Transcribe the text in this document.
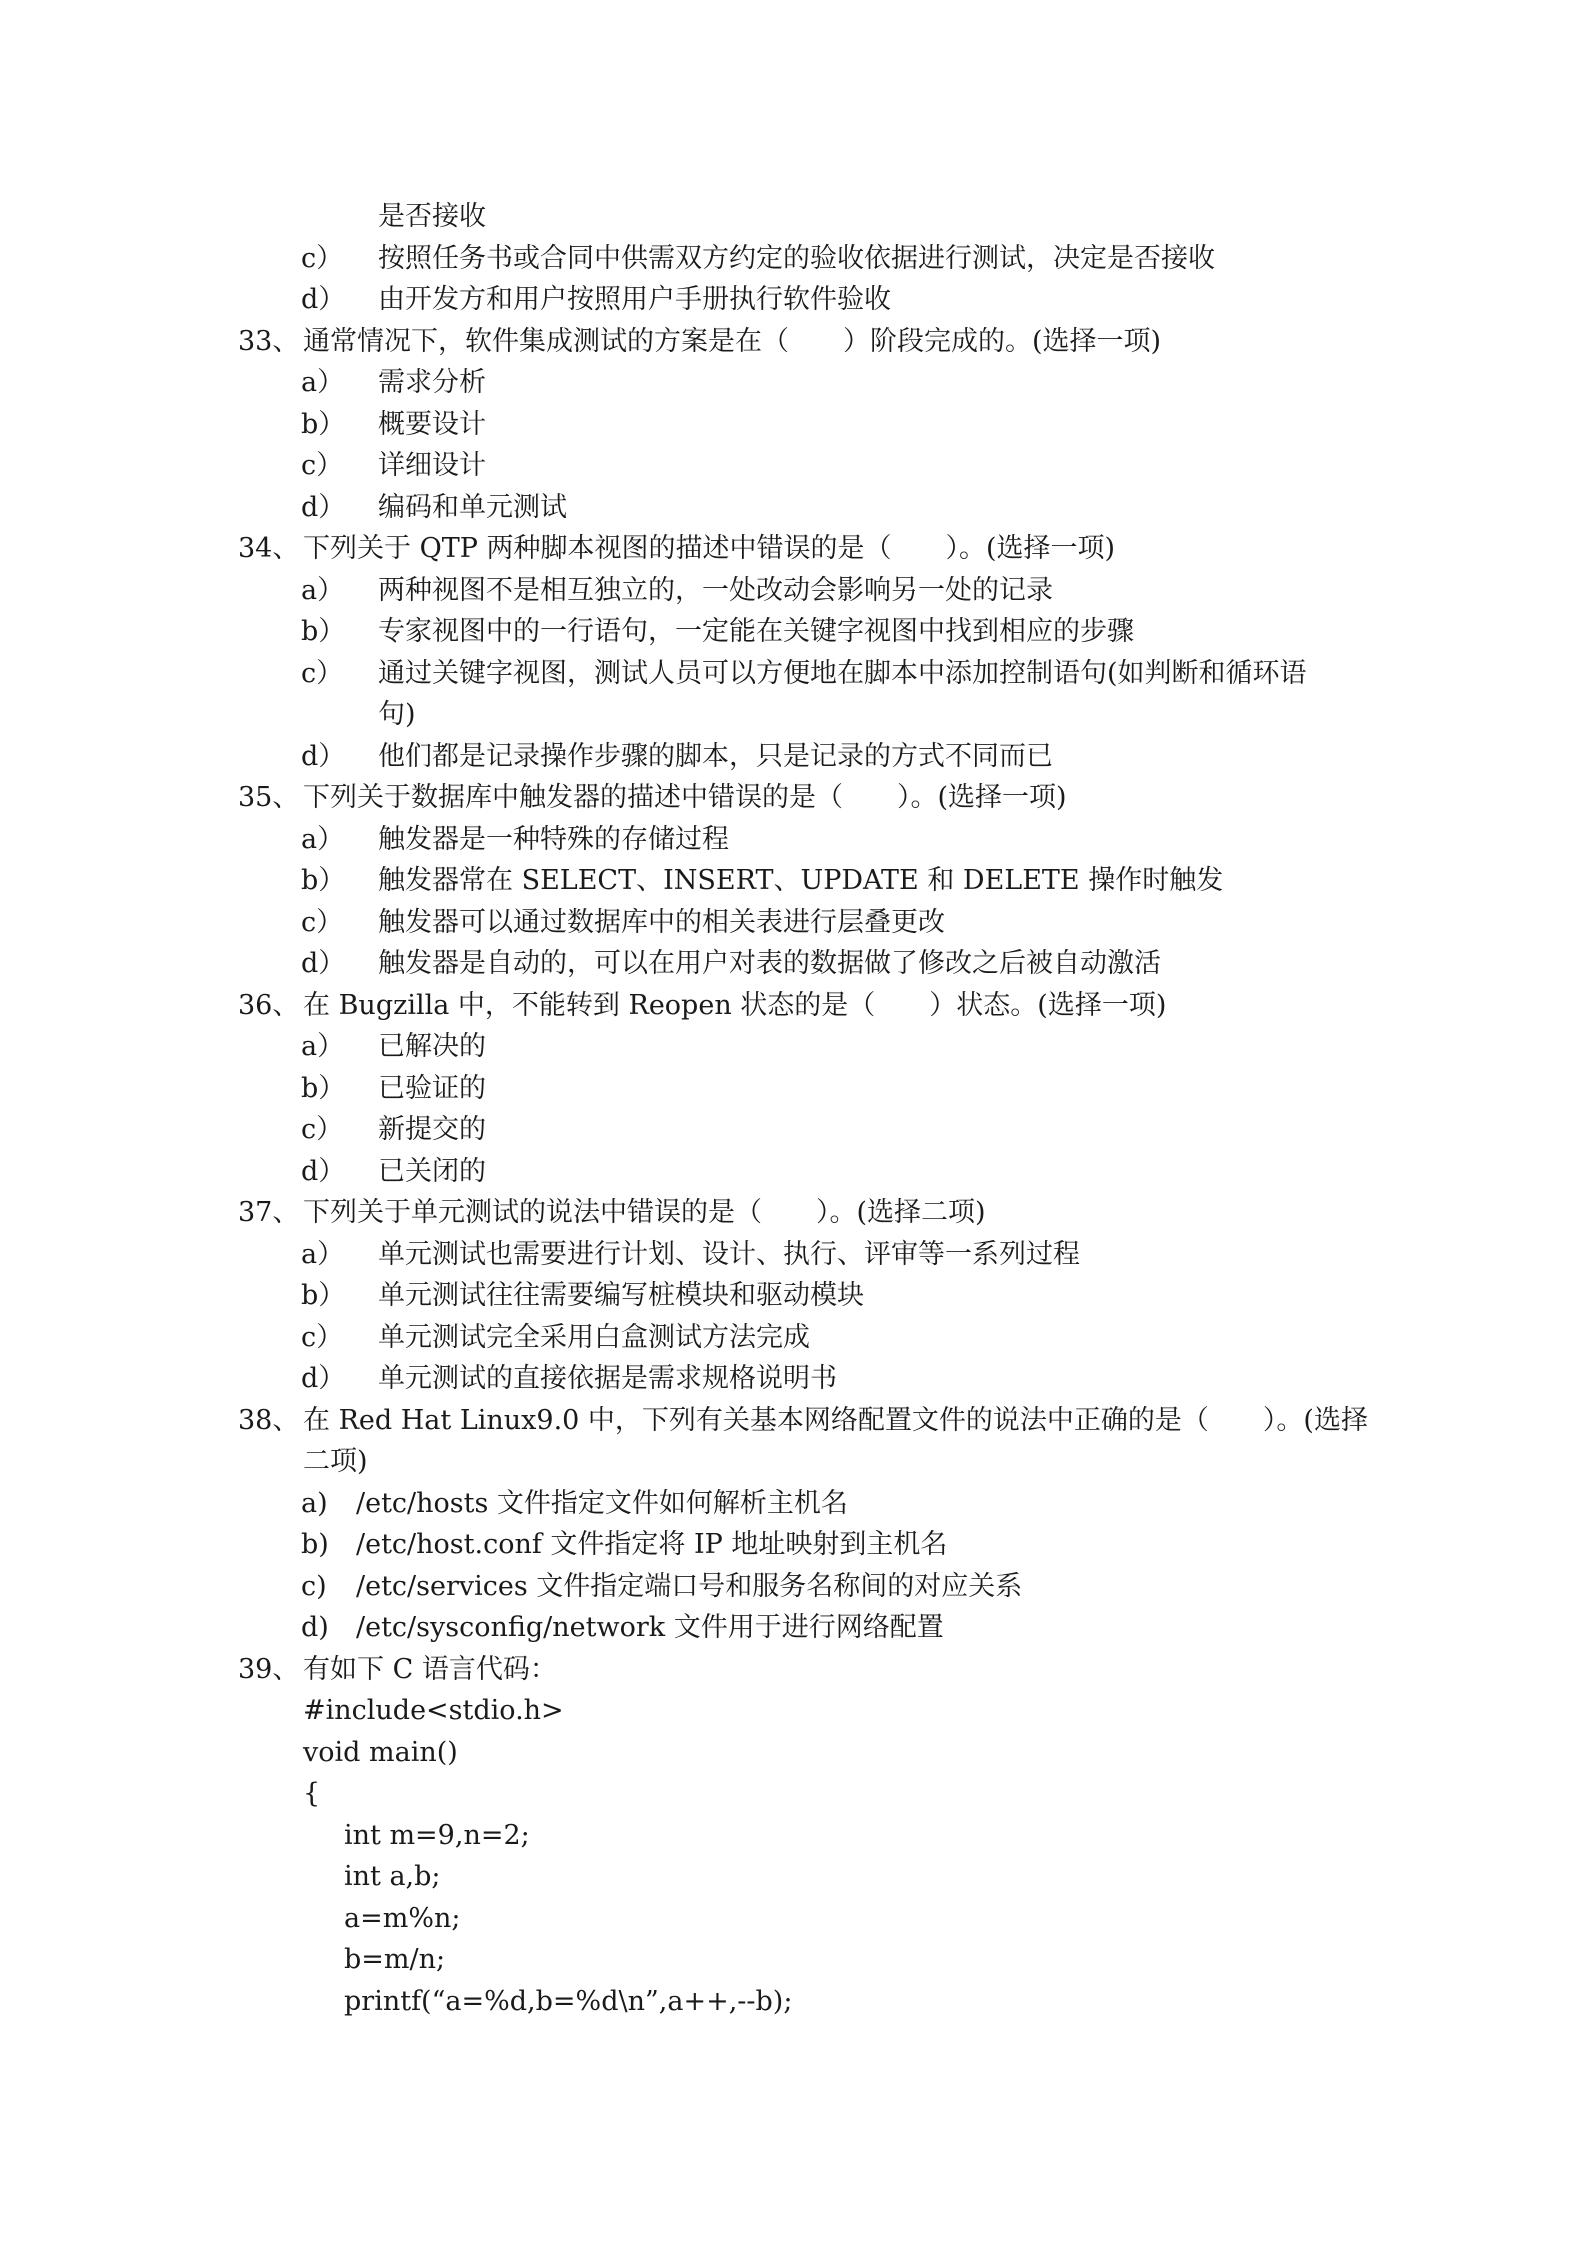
是否接收
c） 按照任务书或合同中供需双方约定的验收依据进行测试，决定是否接收
d） 由开发方和用户按照用户手册执行软件验收
33、 通常情况下，软件集成测试的方案是在（　　）阶段完成的。(选择一项)
a） 需求分析
b） 概要设计
c） 详细设计
d） 编码和单元测试
34、 下列关于 QTP 两种脚本视图的描述中错误的是（　　）。(选择一项)
a） 两种视图不是相互独立的，一处改动会影响另一处的记录
b） 专家视图中的一行语句，一定能在关键字视图中找到相应的步骤
c） 通过关键字视图，测试人员可以方便地在脚本中添加控制语句(如判断和循环语
句)
d） 他们都是记录操作步骤的脚本，只是记录的方式不同而已
35、 下列关于数据库中触发器的描述中错误的是（　　）。(选择一项)
a） 触发器是一种特殊的存储过程
b） 触发器常在 SELECT、INSERT、UPDATE 和 DELETE 操作时触发
c） 触发器可以通过数据库中的相关表进行层叠更改
d） 触发器是自动的，可以在用户对表的数据做了修改之后被自动激活
36、 在 Bugzilla 中，不能转到 Reopen 状态的是（　　）状态。(选择一项)
a） 已解决的
b） 已验证的
c） 新提交的
d） 已关闭的
37、 下列关于单元测试的说法中错误的是（　　）。(选择二项)
a） 单元测试也需要进行计划、设计、执行、评审等一系列过程
b） 单元测试往往需要编写桩模块和驱动模块
c） 单元测试完全采用白盒测试方法完成
d） 单元测试的直接依据是需求规格说明书
38、 在 Red Hat Linux9.0 中，下列有关基本网络配置文件的说法中正确的是（　　）。(选择
二项)
a) /etc/hosts 文件指定文件如何解析主机名
b) /etc/host.conf 文件指定将 IP 地址映射到主机名
c) /etc/services 文件指定端口号和服务名称间的对应关系
d) /etc/sysconfig/network 文件用于进行网络配置
39、 有如下 C 语言代码：
#include<stdio.h>
void main()
{
int m=9,n=2;
int a,b;
a=m%n;
b=m/n;
printf(“a=%d,b=%d\n”,a++,--b);
